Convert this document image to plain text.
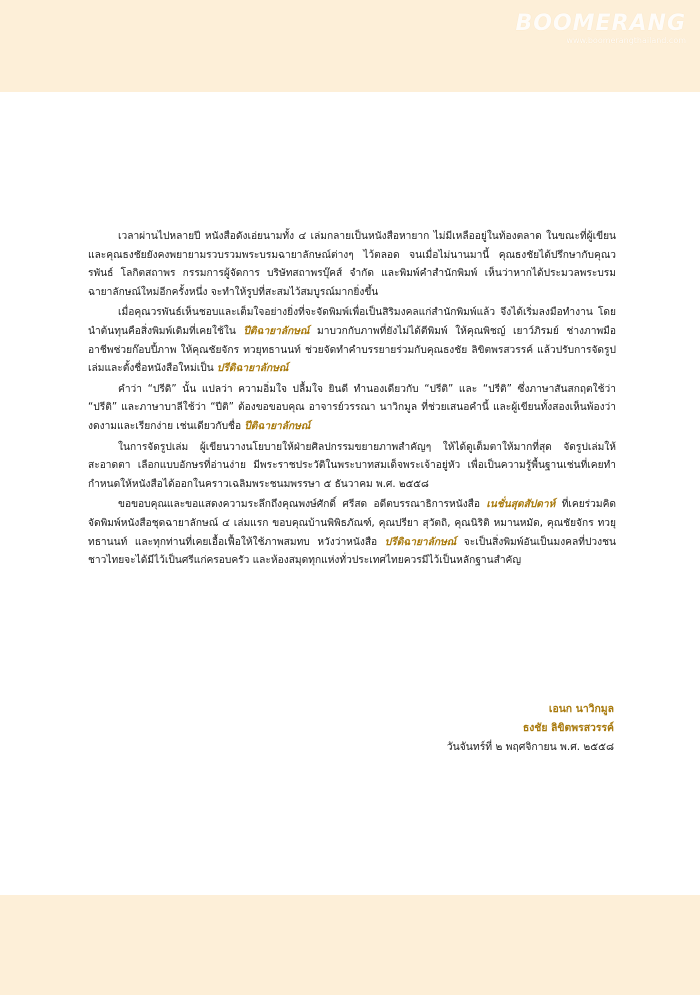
BOOMERANG
www.boomerangthailand.com

เวลาผ่านไปหลายปี หนังสือดังเอ่ยนามทั้ง ๔ เล่มกลายเป็นหนังสือหายาก ไม่มีเหลืออยู่ในท้องตลาด ในขณะที่ผู้เขียนและคุณธงชัยยังคงพยายามรวบรวมพระบรมฉายาลักษณ์ต่างๆ ไว้ตลอด จนเมื่อไม่นานมานี้ คุณธงชัยได้ปรึกษากับคุณวรพันธ์ โลกิตสถาพร กรรมการผู้จัดการ บริษัทสถาพรบุ๊คส์ จำกัด และพิมพ์คำสำนักพิมพ์ เห็นว่าหากได้ประมวลพระบรมฉายาลักษณ์ใหม่อีกครั้งหนึ่ง จะทำให้รูปที่สะสมไว้สมบูรณ์มากยิ่งขึ้น

เมื่อคุณวรพันธ์เห็นชอบและเต็มใจอย่างยิ่งที่จะจัดพิมพ์เพื่อเป็นสิริมงคลแก่สำนักพิมพ์แล้ว จึงได้เริ่มลงมือทำงาน โดยนำต้นทุนคือสิ่งพิมพ์เดิมที่เคยใช้ใน ปีติฉายาลักษณ์ มาบวกกับภาพที่ยังไม่ได้ตีพิมพ์ ให้คุณพิชญ์ เยาว์ภิรมย์ ช่างภาพมืออาชีพช่วยก๊อบปี้ภาพ ให้คุณชัยจักร ทวยุทธานนท์ ช่วยจัดทำคำบรรยายร่วมกับคุณธงชัย ลิขิตพรสวรรค์ แล้วปรับการจัดรูปเล่มและตั้งชื่อหนังสือใหม่เป็น ปรีดิฉายาลักษณ์

คำว่า “ปรีดิ” นั้น แปลว่า ความอิ่มใจ ปลื้มใจ ยินดี ทำนองเดียวกับ “ปรีติ” และ “ปรีติ” ซึ่งภาษาสันสกฤตใช้ว่า “ปรีติ” และภาษาบาลีใช้ว่า “ปีติ” ต้องขอขอบคุณ อาจารย์วรรณา นาวิกมูล ที่ช่วยเสนอคำนี้ และผู้เขียนทั้งสองเห็นพ้องว่างดงามและเรียกง่าย เช่นเดียวกับชื่อ ปีติฉายาลักษณ์

ในการจัดรูปเล่ม ผู้เขียนวางนโยบายให้ฝ่ายศิลปกรรมขยายภาพสำคัญๆ ให้ได้ดูเต็มตาให้มากที่สุด จัดรูปเล่มให้สะอาดตา เลือกแบบอักษรที่อ่านง่าย มีพระราชประวัติในพระบาทสมเด็จพระเจ้าอยู่หัว เพื่อเป็นความรู้พื้นฐานเช่นที่เคยทำ กำหนดให้หนังสือได้ออกในคราวเฉลิมพระชนมพรรษา ๕ ธันวาคม พ.ศ. ๒๕๕๘

ขอขอบคุณและขอแสดงความระลึกถึงคุณพงษ์ศักดิ์ ศรีสด อดีตบรรณาธิการหนังสือ เนชั่นสุดสัปดาห์ ที่เคยร่วมคิดจัดพิมพ์หนังสือชุดฉายาลักษณ์ ๔ เล่มแรก ขอบคุณบ้านพิพิธภัณฑ์, คุณปรียา สุวัตถิ, คุณนิริติ หมานหมัด, คุณชัยจักร ทวยุทธานนท์ และทุกท่านที่เคยเอื้อเฟื้อให้ใช้ภาพสมทบ หวังว่าหนังสือ ปรีดิฉายาลักษณ์ จะเป็นสิ่งพิมพ์อันเป็นมงคลที่ปวงชนชาวไทยจะได้มีไว้เป็นศรีแก่ครอบครัว และห้องสมุดทุกแห่งทั่วประเทศไทยควรมีไว้เป็นหลักฐานสำคัญ

เอนก นาวิกมูล
ธงชัย ลิขิตพรสวรรค์
วันจันทร์ที่ ๒ พฤศจิกายน พ.ศ. ๒๕๕๘
